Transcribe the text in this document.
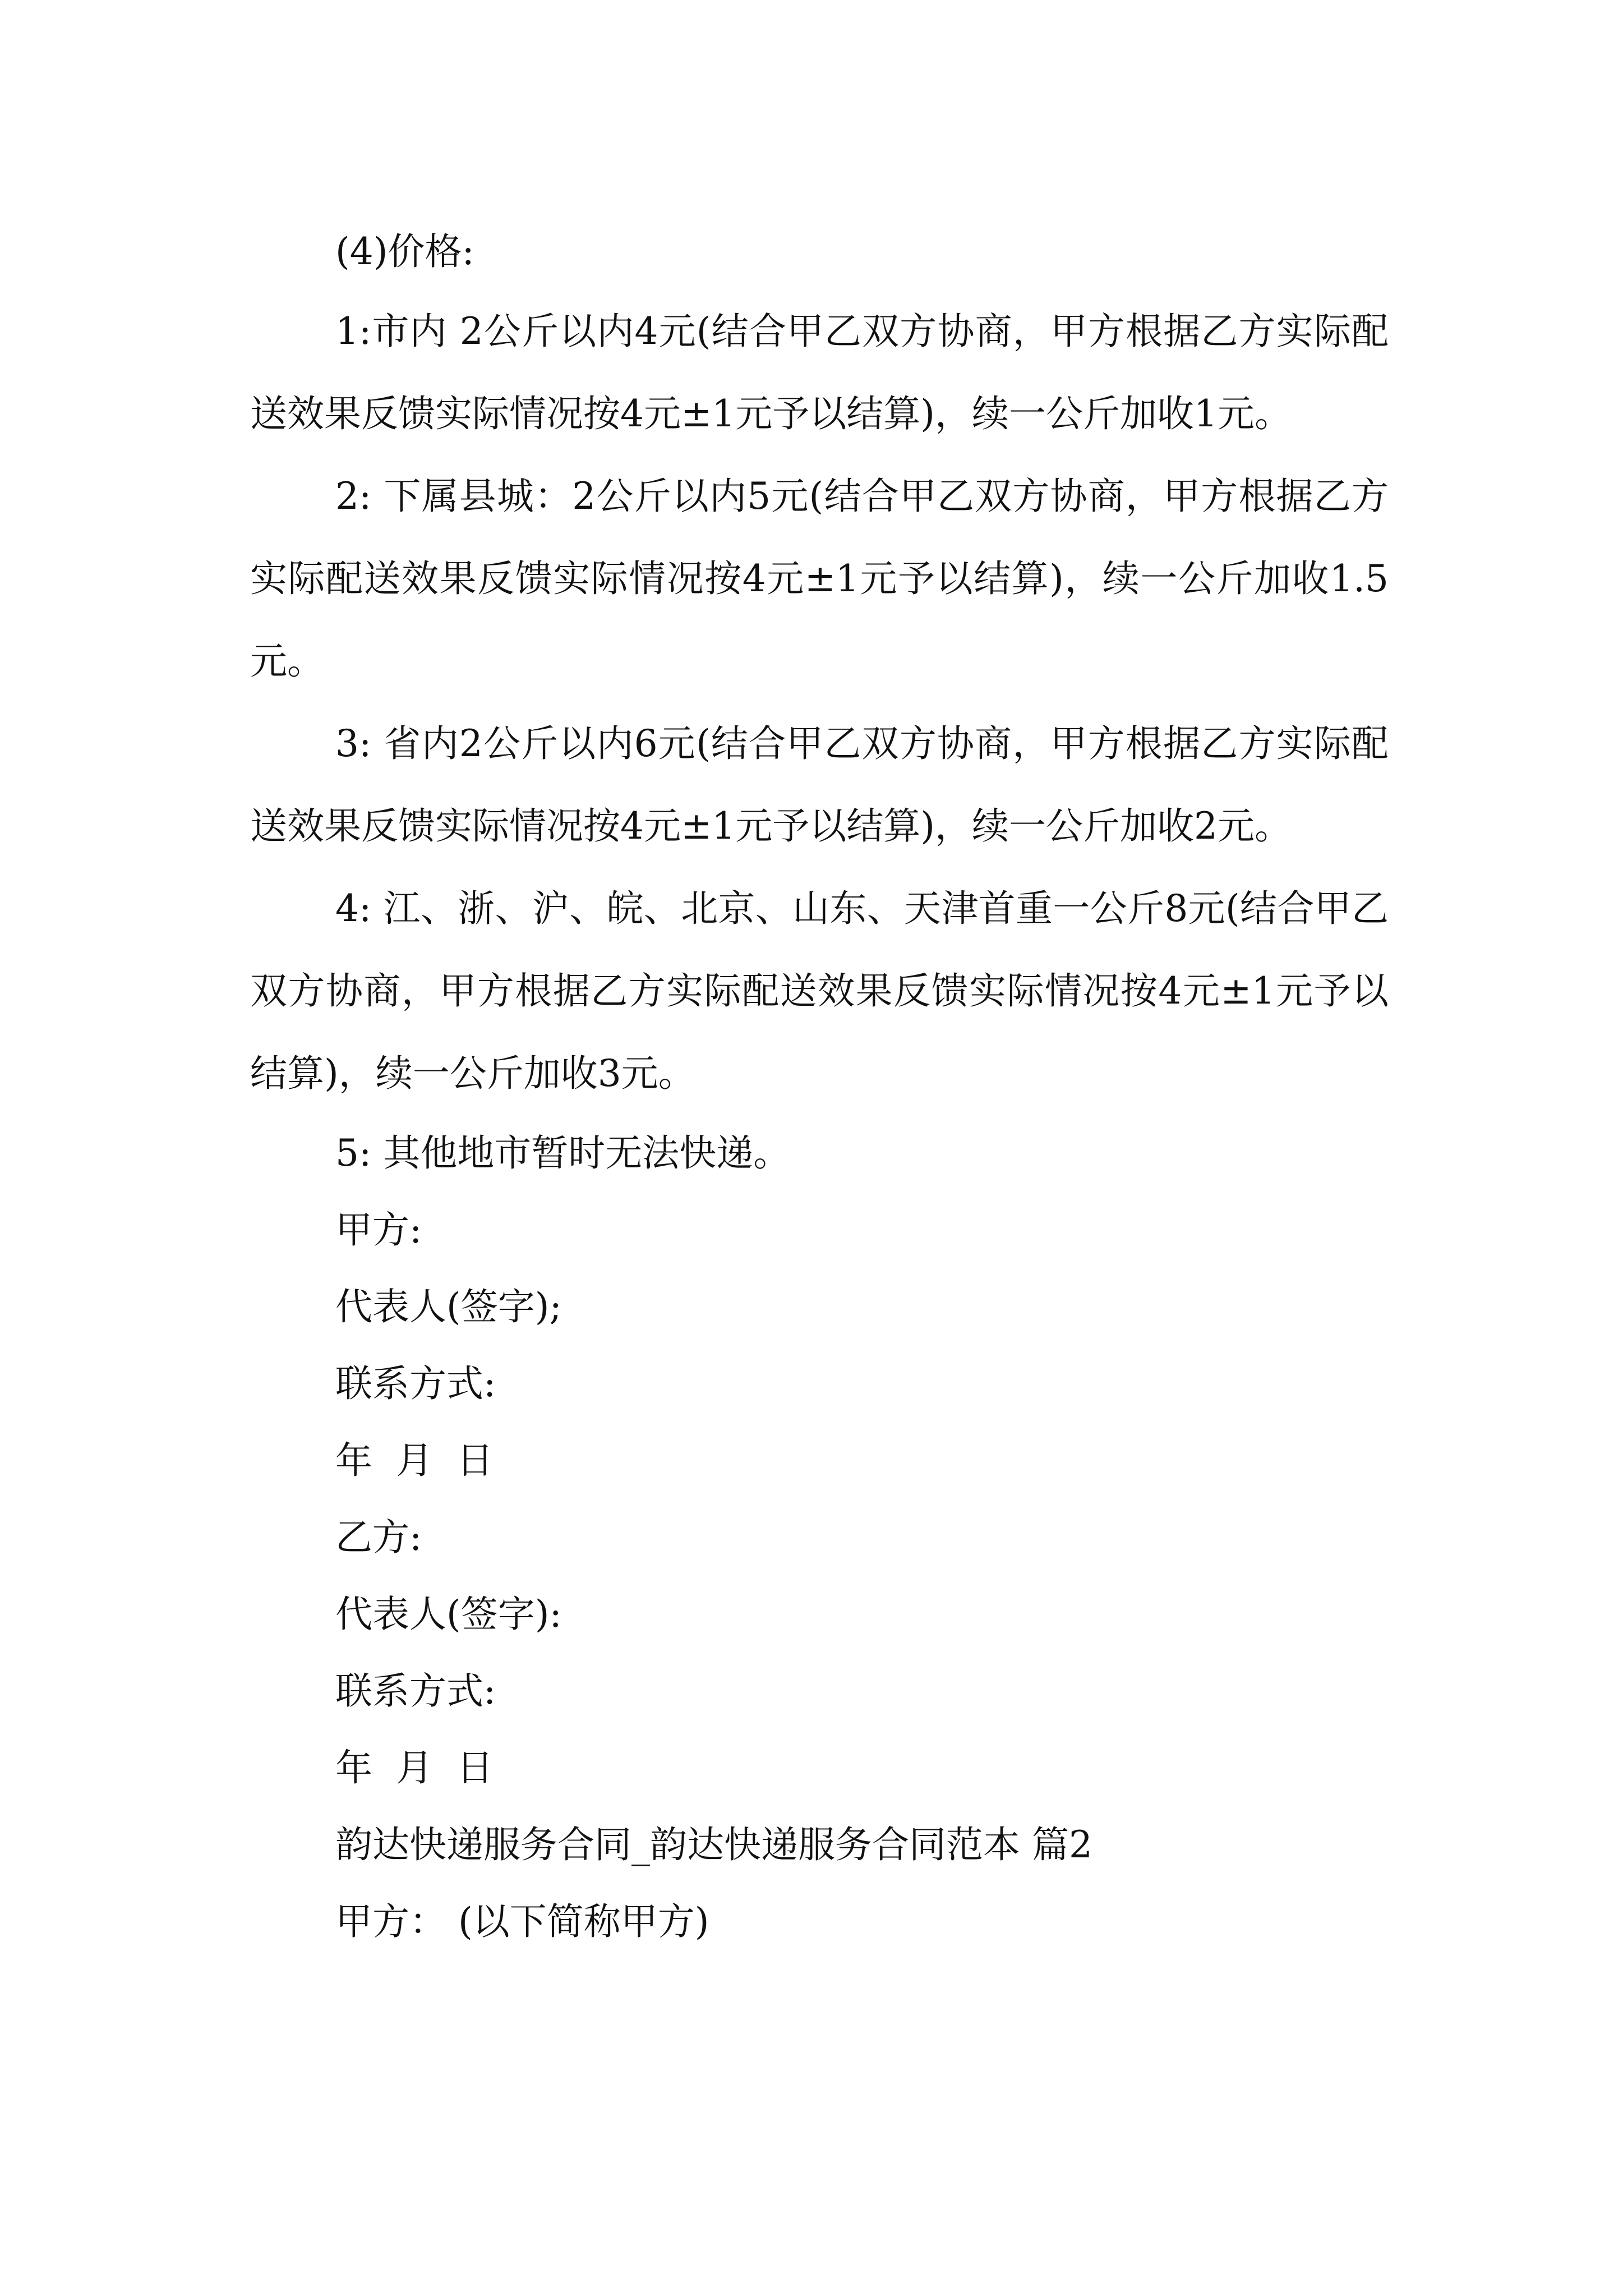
(4)价格:

1:市内 2公斤以内4元(结合甲乙双方协商，甲方根据乙方实际配送效果反馈实际情况按4元±1元予以结算)，续一公斤加收1元。

2: 下属县城：2公斤以内5元(结合甲乙双方协商，甲方根据乙方实际配送效果反馈实际情况按4元±1元予以结算)，续一公斤加收1.5元。

3: 省内2公斤以内6元(结合甲乙双方协商，甲方根据乙方实际配送效果反馈实际情况按4元±1元予以结算)，续一公斤加收2元。

4: 江、浙、沪、皖、北京、山东、天津首重一公斤8元(结合甲乙双方协商，甲方根据乙方实际配送效果反馈实际情况按4元±1元予以结算)，续一公斤加收3元。

5: 其他地市暂时无法快递。

甲方:

代表人(签字);

联系方式:

年  月  日

乙方:

代表人(签字):

联系方式:

年  月  日

韵达快递服务合同_韵达快递服务合同范本 篇2

甲方： (以下简称甲方)
